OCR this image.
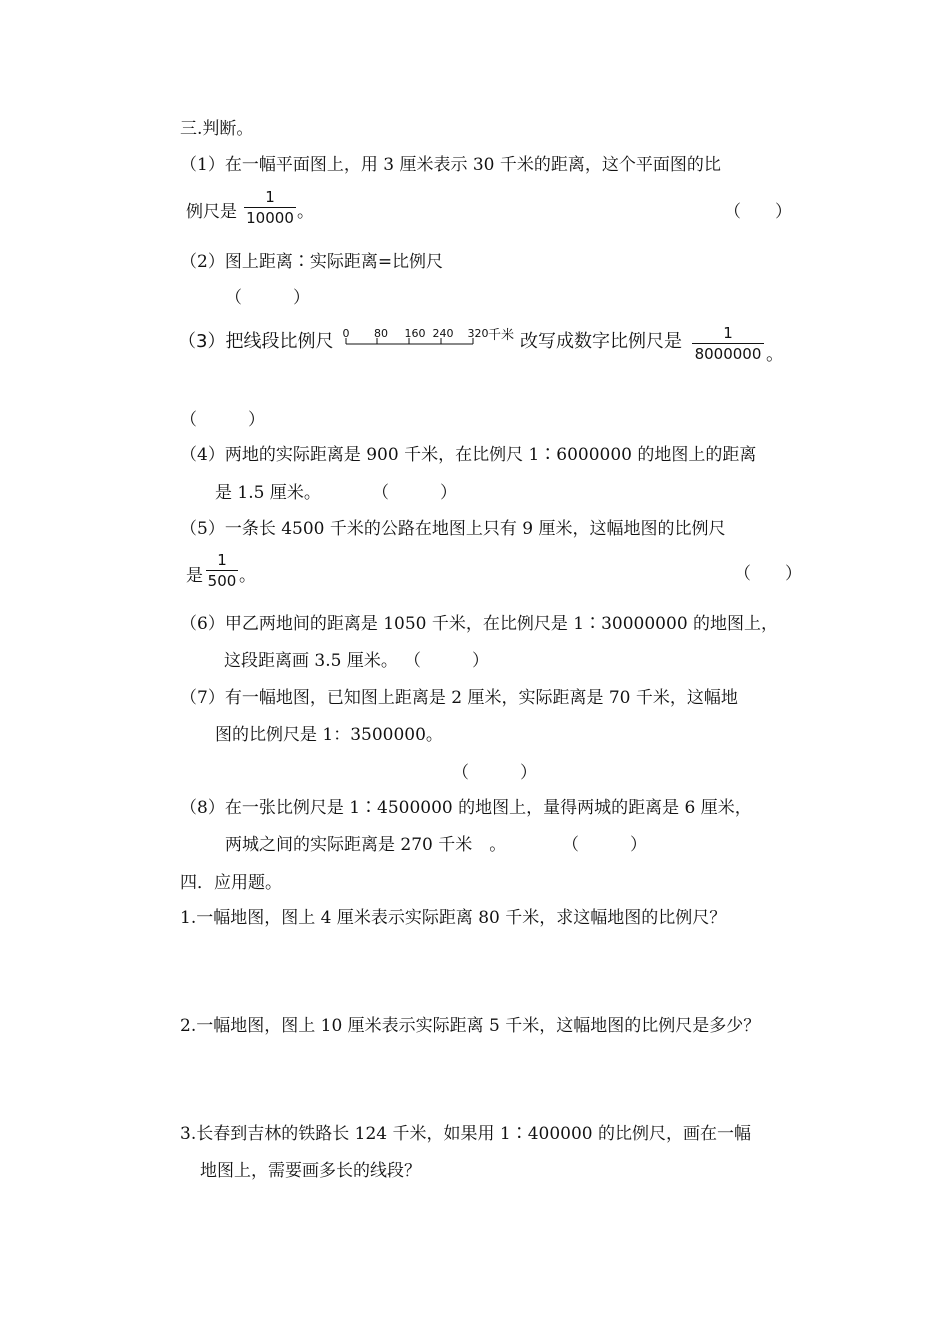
三.判断。
（1）在一幅平面图上，用 3 厘米表示 30 千米的距离，这个平面图的比
例尺是
1
10000 。	（　　）
（2）图上距离∶实际距离=比例尺
（　　　）
（3）把线段比例尺 0 80 160 240 320 千米 改写成数字比例尺是	1
8000000 。
（　　　）
（4）两地的实际距离是 900 千米，在比例尺 1∶6000000 的地图上的距离
是 1.5 厘米。	（　　　）
（5）一条长 4500 千米的公路在地图上只有 9 厘米，这幅地图的比例尺
是
1
500 。	（　　）
（6）甲乙两地间的距离是 1050 千米，在比例尺是 1∶30000000 的地图上，
这段距离画 3.5 厘米。 （　　　）
（7）有一幅地图，已知图上距离是 2 厘米，实际距离是 70 千米，这幅地
图的比例尺是 1：3500000。
（　　　）
（8）在一张比例尺是 1∶4500000 的地图上，量得两城的距离是 6 厘米，
两城之间的实际距离是 270 千米　。	（　　　）
四．应用题。
1.一幅地图，图上 4 厘米表示实际距离 80 千米，求这幅地图的比例尺？
2.一幅地图，图上 10 厘米表示实际距离 5 千米，这幅地图的比例尺是多少？
3.长春到吉林的铁路长 124 千米，如果用 1∶400000 的比例尺，画在一幅
地图上，需要画多长的线段？
